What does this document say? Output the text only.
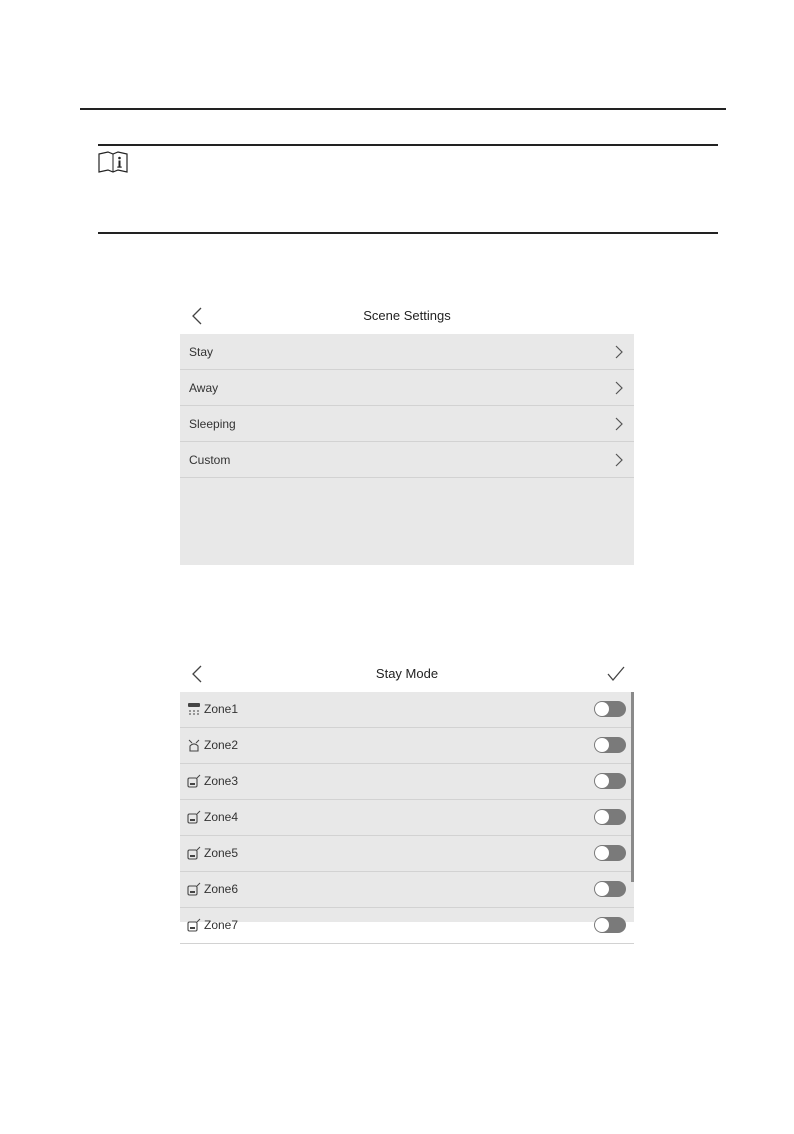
Scene Settings
Stay
Away
Sleeping
Custom
Stay Mode
Zone1
Zone2
Zone3
Zone4
Zone5
Zone6
Zone7
